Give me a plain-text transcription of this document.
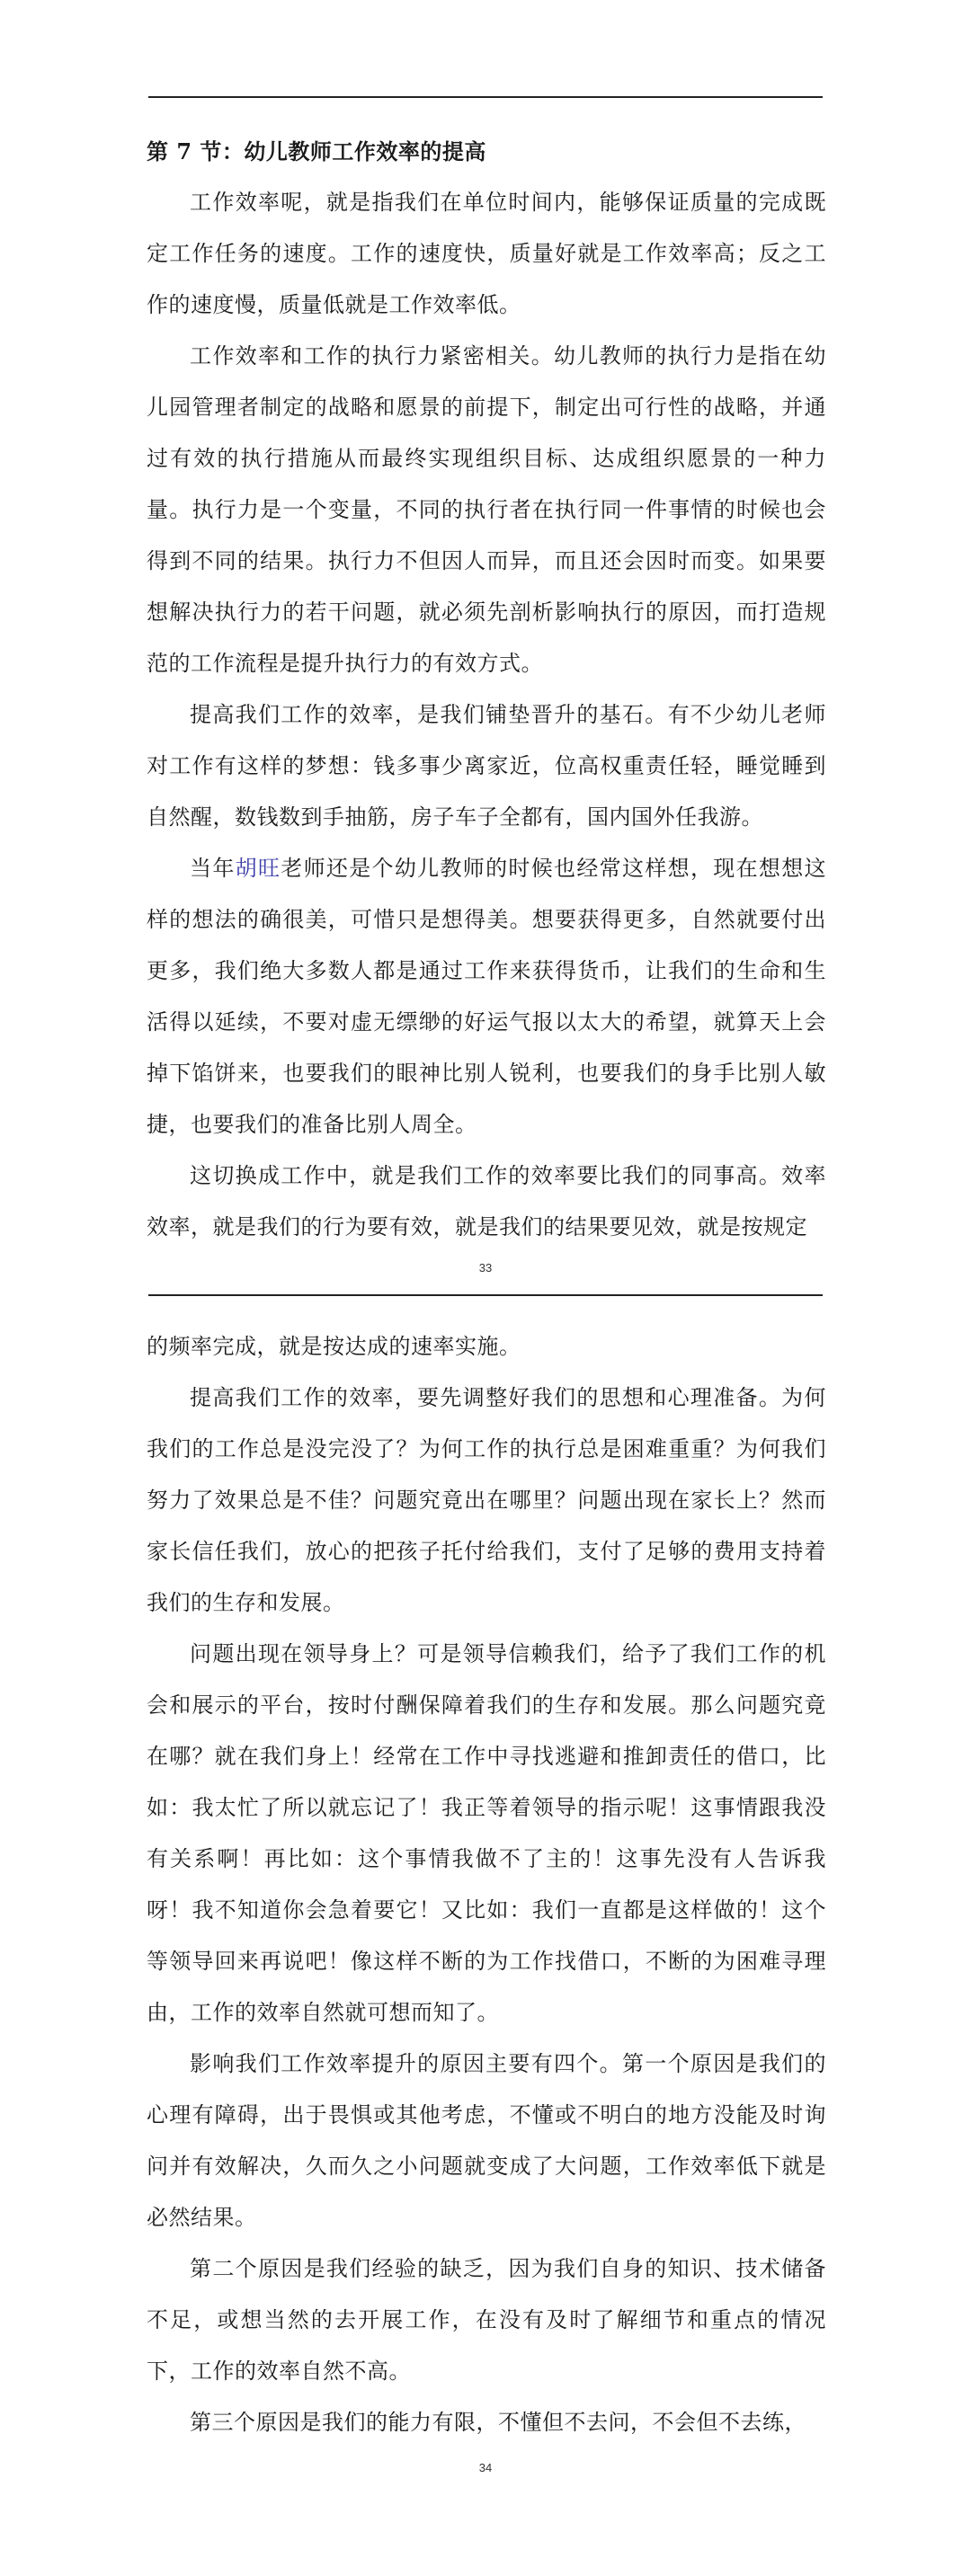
第 7 节：幼儿教师工作效率的提高

工作效率呢，就是指我们在单位时间内，能够保证质量的完成既定工作任务的速度。工作的速度快，质量好就是工作效率高；反之工作的速度慢，质量低就是工作效率低。

工作效率和工作的执行力紧密相关。幼儿教师的执行力是指在幼儿园管理者制定的战略和愿景的前提下，制定出可行性的战略，并通过有效的执行措施从而最终实现组织目标、达成组织愿景的一种力量。执行力是一个变量，不同的执行者在执行同一件事情的时候也会得到不同的结果。执行力不但因人而异，而且还会因时而变。如果要想解决执行力的若干问题，就必须先剖析影响执行的原因，而打造规范的工作流程是提升执行力的有效方式。

提高我们工作的效率，是我们铺垫晋升的基石。有不少幼儿老师对工作有这样的梦想：钱多事少离家近，位高权重责任轻，睡觉睡到自然醒，数钱数到手抽筋，房子车子全都有，国内国外任我游。

当年胡旺老师还是个幼儿教师的时候也经常这样想，现在想想这样的想法的确很美，可惜只是想得美。想要获得更多，自然就要付出更多，我们绝大多数人都是通过工作来获得货币，让我们的生命和生活得以延续，不要对虚无缥缈的好运气报以太大的希望，就算天上会掉下馅饼来，也要我们的眼神比别人锐利，也要我们的身手比别人敏捷，也要我们的准备比别人周全。

这切换成工作中，就是我们工作的效率要比我们的同事高。效率效率，就是我们的行为要有效，就是我们的结果要见效，就是按规定

33

的频率完成，就是按达成的速率实施。

提高我们工作的效率，要先调整好我们的思想和心理准备。为何我们的工作总是没完没了？为何工作的执行总是困难重重？为何我们努力了效果总是不佳？问题究竟出在哪里？问题出现在家长上？然而家长信任我们，放心的把孩子托付给我们，支付了足够的费用支持着我们的生存和发展。

问题出现在领导身上？可是领导信赖我们，给予了我们工作的机会和展示的平台，按时付酬保障着我们的生存和发展。那么问题究竟在哪？就在我们身上！经常在工作中寻找逃避和推卸责任的借口，比如：我太忙了所以就忘记了！我正等着领导的指示呢！这事情跟我没有关系啊！再比如：这个事情我做不了主的！这事先没有人告诉我呀！我不知道你会急着要它！又比如：我们一直都是这样做的！这个等领导回来再说吧！像这样不断的为工作找借口，不断的为困难寻理由，工作的效率自然就可想而知了。

影响我们工作效率提升的原因主要有四个。第一个原因是我们的心理有障碍，出于畏惧或其他考虑，不懂或不明白的地方没能及时询问并有效解决，久而久之小问题就变成了大问题，工作效率低下就是必然结果。

第二个原因是我们经验的缺乏，因为我们自身的知识、技术储备不足，或想当然的去开展工作，在没有及时了解细节和重点的情况下，工作的效率自然不高。

第三个原因是我们的能力有限，不懂但不去问，不会但不去练，

34
